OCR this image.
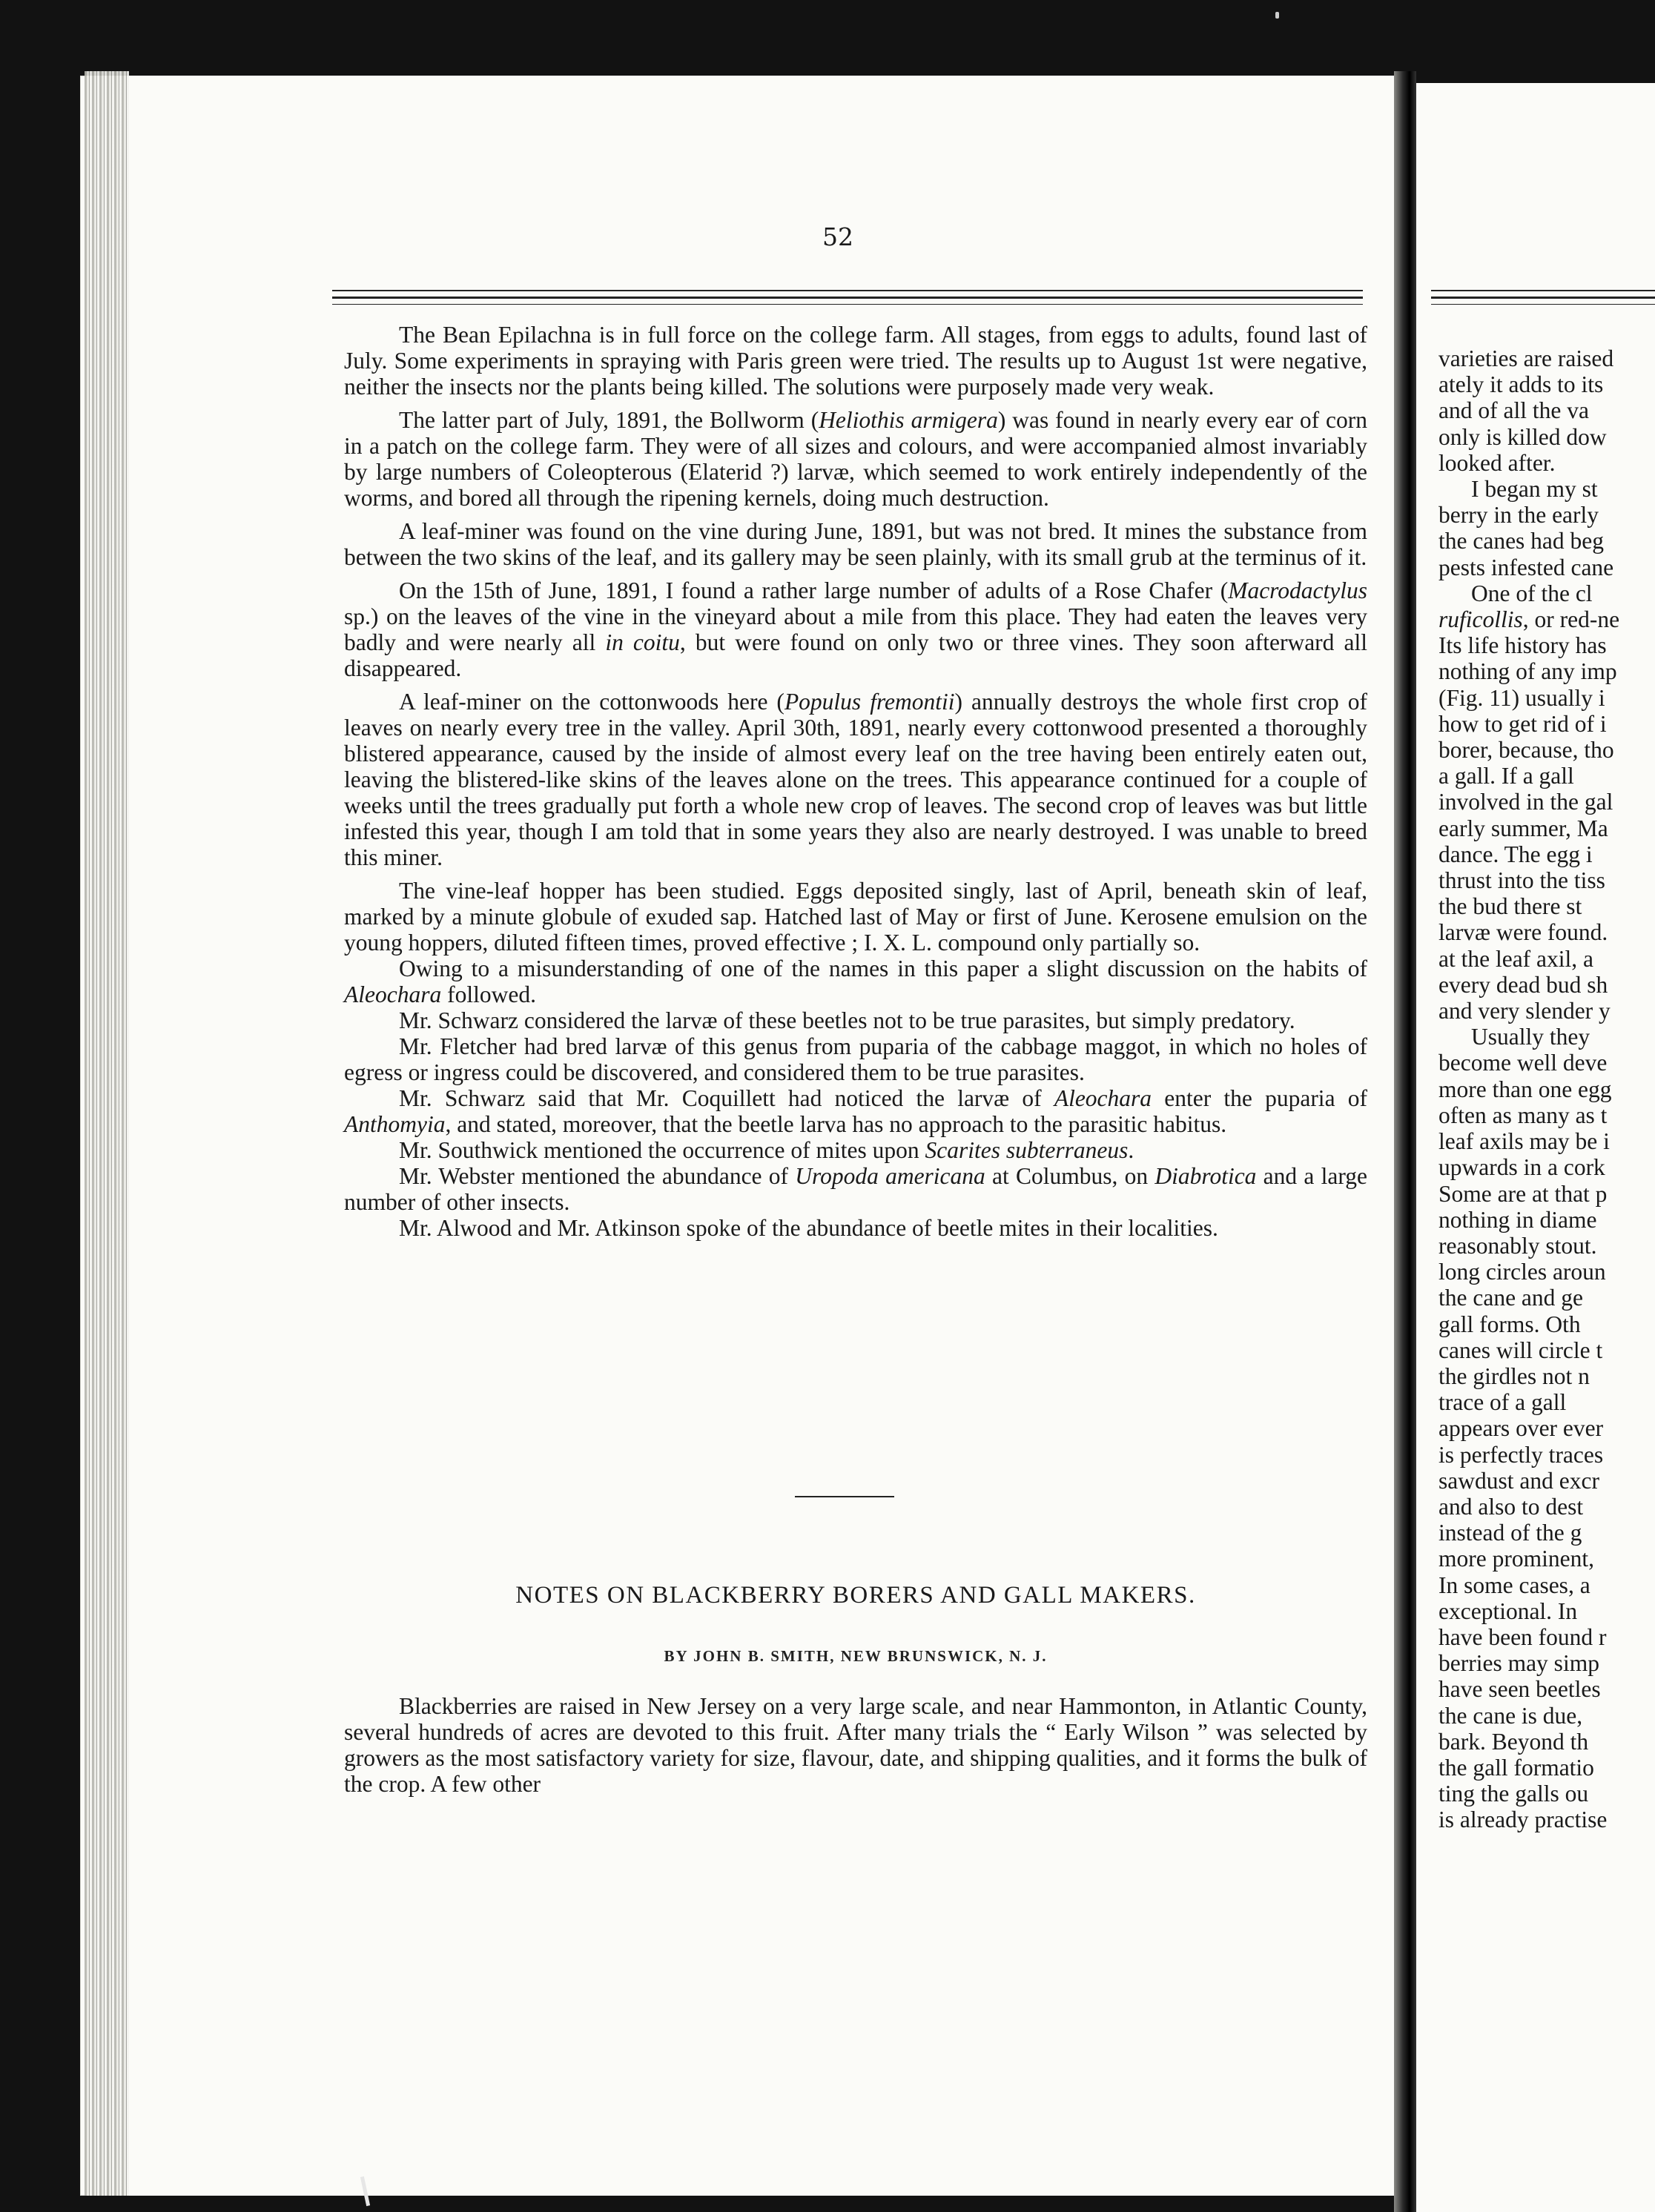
52

The Bean Epilachna is in full force on the college farm. All stages, from eggs to adults, found last of July. Some experiments in spraying with Paris green were tried. The results up to August 1st were negative, neither the insects nor the plants being killed. The solutions were purposely made very weak.

The latter part of July, 1891, the Bollworm (Heliothis armigera) was found in nearly every ear of corn in a patch on the college farm. They were of all sizes and colours, and were accompanied almost invariably by large numbers of Coleopterous (Elaterid ?) larvæ, which seemed to work entirely independently of the worms, and bored all through the ripening kernels, doing much destruction.

A leaf-miner was found on the vine during June, 1891, but was not bred. It mines the substance from between the two skins of the leaf, and its gallery may be seen plainly, with its small grub at the terminus of it.

On the 15th of June, 1891, I found a rather large number of adults of a Rose Chafer (Macrodactylus sp.) on the leaves of the vine in the vineyard about a mile from this place. They had eaten the leaves very badly and were nearly all in coitu, but were found on only two or three vines. They soon afterward all disappeared.

A leaf-miner on the cottonwoods here (Populus fremontii) annually destroys the whole first crop of leaves on nearly every tree in the valley. April 30th, 1891, nearly every cottonwood presented a thoroughly blistered appearance, caused by the inside of almost every leaf on the tree having been entirely eaten out, leaving the blistered-like skins of the leaves alone on the trees. This appearance continued for a couple of weeks until the trees gradually put forth a whole new crop of leaves. The second crop of leaves was but little infested this year, though I am told that in some years they also are nearly destroyed. I was unable to breed this miner.

The vine-leaf hopper has been studied. Eggs deposited singly, last of April, beneath skin of leaf, marked by a minute globule of exuded sap. Hatched last of May or first of June. Kerosene emulsion on the young hoppers, diluted fifteen times, proved effective ; I. X. L. compound only partially so.

Owing to a misunderstanding of one of the names in this paper a slight discussion on the habits of Aleochara followed.

Mr. Schwarz considered the larvæ of these beetles not to be true parasites, but simply predatory.

Mr. Fletcher had bred larvæ of this genus from puparia of the cabbage maggot, in which no holes of egress or ingress could be discovered, and considered them to be true parasites.

Mr. Schwarz said that Mr. Coquillett had noticed the larvæ of Aleochara enter the puparia of Anthomyia, and stated, moreover, that the beetle larva has no approach to the parasitic habitus.

Mr. Southwick mentioned the occurrence of mites upon Scarites subterraneus.

Mr. Webster mentioned the abundance of Uropoda americana at Columbus, on Diabrotica and a large number of other insects.

Mr. Alwood and Mr. Atkinson spoke of the abundance of beetle mites in their localities.

NOTES ON BLACKBERRY BORERS AND GALL MAKERS.
BY JOHN B. SMITH, NEW BRUNSWICK, N. J.

Blackberries are raised in New Jersey on a very large scale, and near Hammonton, in Atlantic County, several hundreds of acres are devoted to this fruit. After many trials the “ Early Wilson ” was selected by growers as the most satisfactory variety for size, flavour, date, and shipping qualities, and it forms the bulk of the crop. A few other

varieties are raised
ately it adds to its
and of all the va
only is killed dow
looked after.
I began my st
berry in the early
the canes had beg
pests infested cane
One of the cl
ruficollis, or red-ne
Its life history has
nothing of any imp
(Fig. 11) usually i
how to get rid of i
borer, because, tho
a gall. If a gall
involved in the gal
early summer, Ma
dance. The egg i
thrust into the tiss
the bud there st
larvæ were found.
at the leaf axil, a
every dead bud sh
and very slender y
Usually they
become well deve
more than one egg
often as many as t
leaf axils may be i
upwards in a cork
Some are at that p
nothing in diame
reasonably stout.
long circles aroun
the cane and ge
gall forms. Oth
canes will circle t
the girdles not n
trace of a gall
appears over ever
is perfectly traces
sawdust and excr
and also to dest
instead of the g
more prominent,
In some cases, a
exceptional. In
have been found r
berries may simp
have seen beetles
the cane is due,
bark. Beyond th
the gall formatio
ting the galls ou
is already practise
